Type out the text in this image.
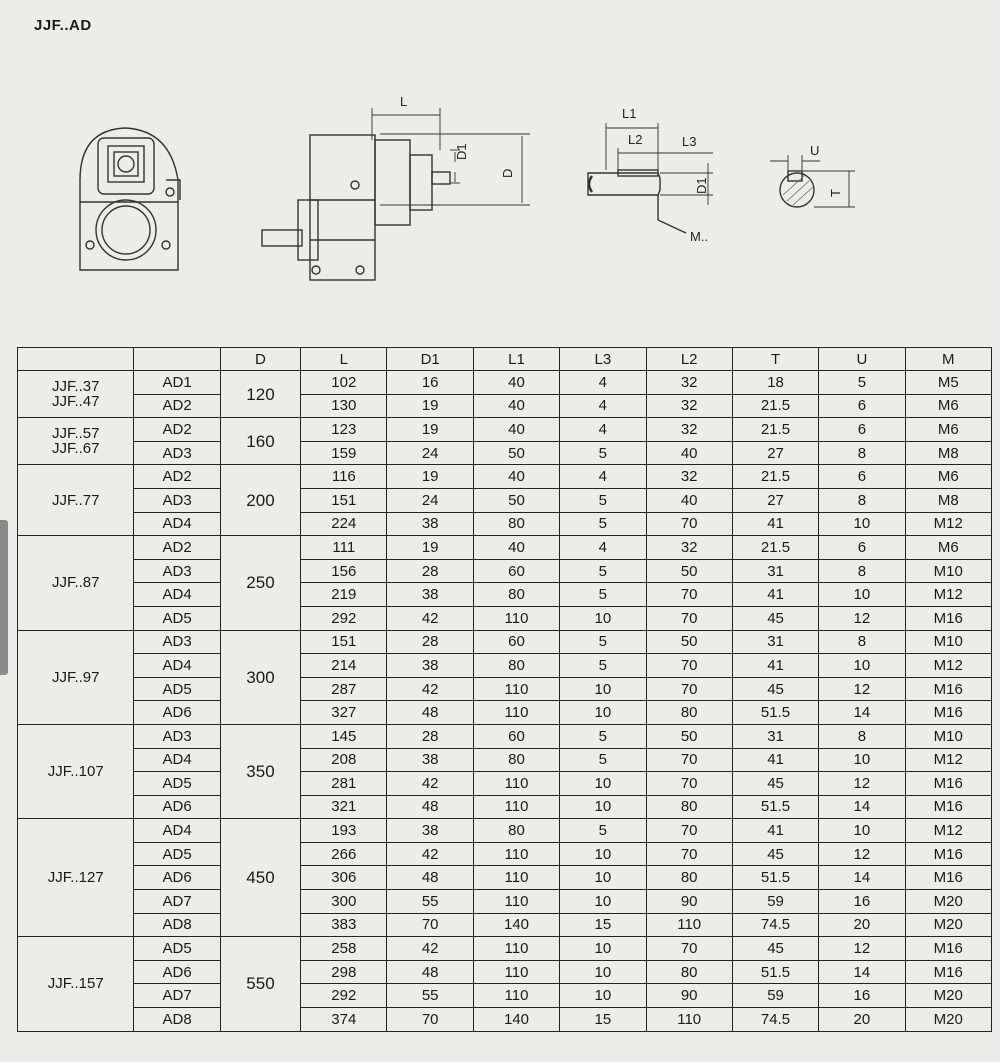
JJF..AD
L
D1
D
L1
L2	L3
D1
M..
U
T
		D	L	D1	L1	L3	L2	T	U	M

JJF..37
JJF..47	AD1	120	102	16	40	4	32	18	5	M5
	AD2		130	19	40	4	32	21.5	6	M6

JJF..57
JJF..67	AD2	160	123	19	40	4	32	21.5	6	M6
	AD3		159	24	50	5	40	27	8	M8

JJF..77	AD2	200	116	19	40	4	32	21.5	6	M6
	AD3		151	24	50	5	40	27	8	M8
	AD4		224	38	80	5	70	41	10	M12

JJF..87	AD2	250	111	19	40	4	32	21.5	6	M6
	AD3		156	28	60	5	50	31	8	M10
	AD4		219	38	80	5	70	41	10	M12
	AD5		292	42	110	10	70	45	12	M16

JJF..97	AD3	300	151	28	60	5	50	31	8	M10
	AD4		214	38	80	5	70	41	10	M12
	AD5		287	42	110	10	70	45	12	M16
	AD6		327	48	110	10	80	51.5	14	M16

JJF..107	AD3	350	145	28	60	5	50	31	8	M10
	AD4		208	38	80	5	70	41	10	M12
	AD5		281	42	110	10	70	45	12	M16
	AD6		321	48	110	10	80	51.5	14	M16

JJF..127	AD4	450	193	38	80	5	70	41	10	M12
	AD5		266	42	110	10	70	45	12	M16
	AD6		306	48	110	10	80	51.5	14	M16
	AD7		300	55	110	10	90	59	16	M20
	AD8		383	70	140	15	110	74.5	20	M20

JJF..157	AD5	550	258	42	110	10	70	45	12	M16
	AD6		298	48	110	10	80	51.5	14	M16
	AD7		292	55	110	10	90	59	16	M20
	AD8		374	70	140	15	110	74.5	20	M20
